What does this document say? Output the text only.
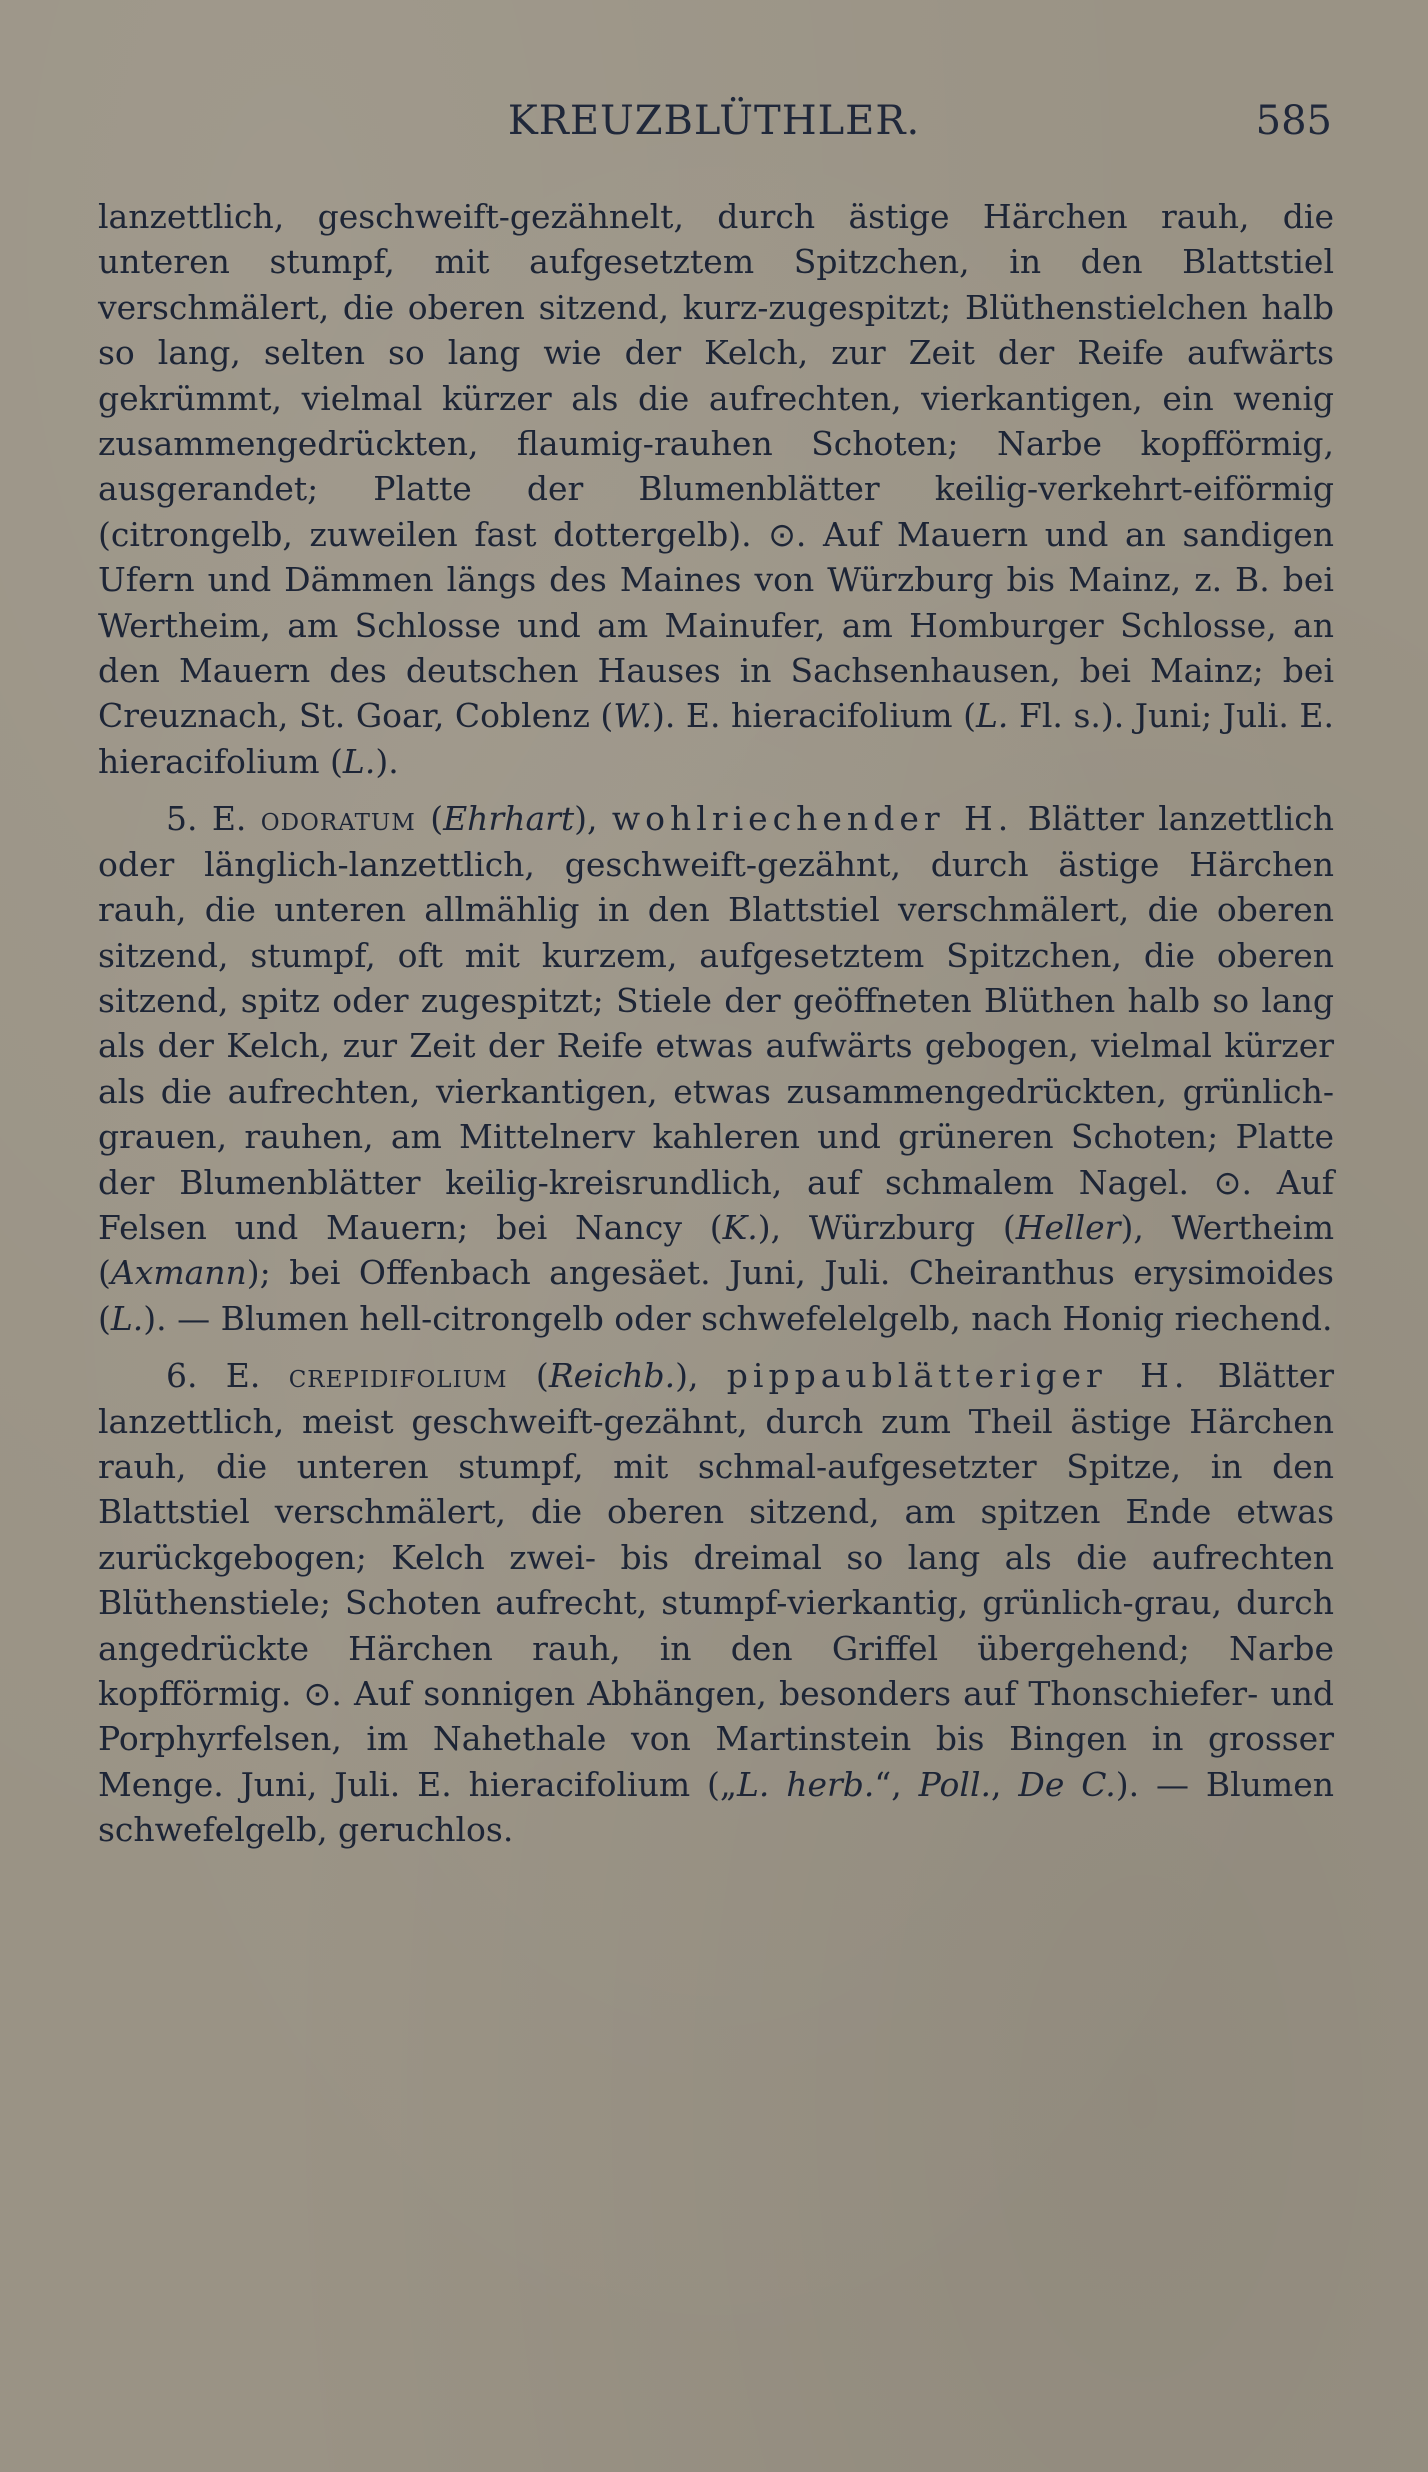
KREUZBLÜTHLER.	585

lanzettlich, geschweift-gezähnelt, durch ästige Härchen rauh, die unteren stumpf, mit aufgesetztem Spitzchen, in den Blattstiel verschmälert, die oberen sitzend, kurz-zugespitzt; Blüthenstielchen halb so lang, selten so lang wie der Kelch, zur Zeit der Reife aufwärts gekrümmt, vielmal kürzer als die aufrechten, vierkantigen, ein wenig zusammengedrückten, flaumig-rauhen Schoten; Narbe kopfförmig, ausgerandet; Platte der Blumenblätter keilig-verkehrt-eiförmig (citrongelb, zuweilen fast dottergelb). ⊙. Auf Mauern und an sandigen Ufern und Dämmen längs des Maines von Würzburg bis Mainz, z. B. bei Wertheim, am Schlosse und am Mainufer, am Homburger Schlosse, an den Mauern des deutschen Hauses in Sachsenhausen, bei Mainz; bei Creuznach, St. Goar, Coblenz (W.). E. hieracifolium (L. Fl. s.). Juni; Juli. E. hieracifolium (L.).

5. E. odoratum (Ehrhart), wohlriechender H. Blätter lanzettlich oder länglich-lanzettlich, geschweift-gezähnt, durch ästige Härchen rauh, die unteren allmählig in den Blattstiel verschmälert, die oberen sitzend, stumpf, oft mit kurzem, aufgesetztem Spitzchen, die oberen sitzend, spitz oder zugespitzt; Stiele der geöffneten Blüthen halb so lang als der Kelch, zur Zeit der Reife etwas aufwärts gebogen, vielmal kürzer als die aufrechten, vierkantigen, etwas zusammengedrückten, grünlich-grauen, rauhen, am Mittelnerv kahleren und grüneren Schoten; Platte der Blumenblätter keilig-kreisrundlich, auf schmalem Nagel. ⊙. Auf Felsen und Mauern; bei Nancy (K.), Würzburg (Heller), Wertheim (Axmann); bei Offenbach angesäet. Juni, Juli. Cheiranthus erysimoides (L.). — Blumen hell-citrongelb oder schwefelelgelb, nach Honig riechend.

6. E. crepidifolium (Reichb.), pippaublätteriger H. Blätter lanzettlich, meist geschweift-gezähnt, durch zum Theil ästige Härchen rauh, die unteren stumpf, mit schmal-aufgesetzter Spitze, in den Blattstiel verschmälert, die oberen sitzend, am spitzen Ende etwas zurückgebogen; Kelch zwei- bis dreimal so lang als die aufrechten Blüthenstiele; Schoten aufrecht, stumpf-vierkantig, grünlich-grau, durch angedrückte Härchen rauh, in den Griffel übergehend; Narbe kopfförmig. ⊙. Auf sonnigen Abhängen, besonders auf Thonschiefer- und Porphyrfelsen, im Nahethale von Martinstein bis Bingen in grosser Menge. Juni, Juli. E. hieracifolium („L. herb.“, Poll., De C.). — Blumen schwefelgelb, geruchlos.
